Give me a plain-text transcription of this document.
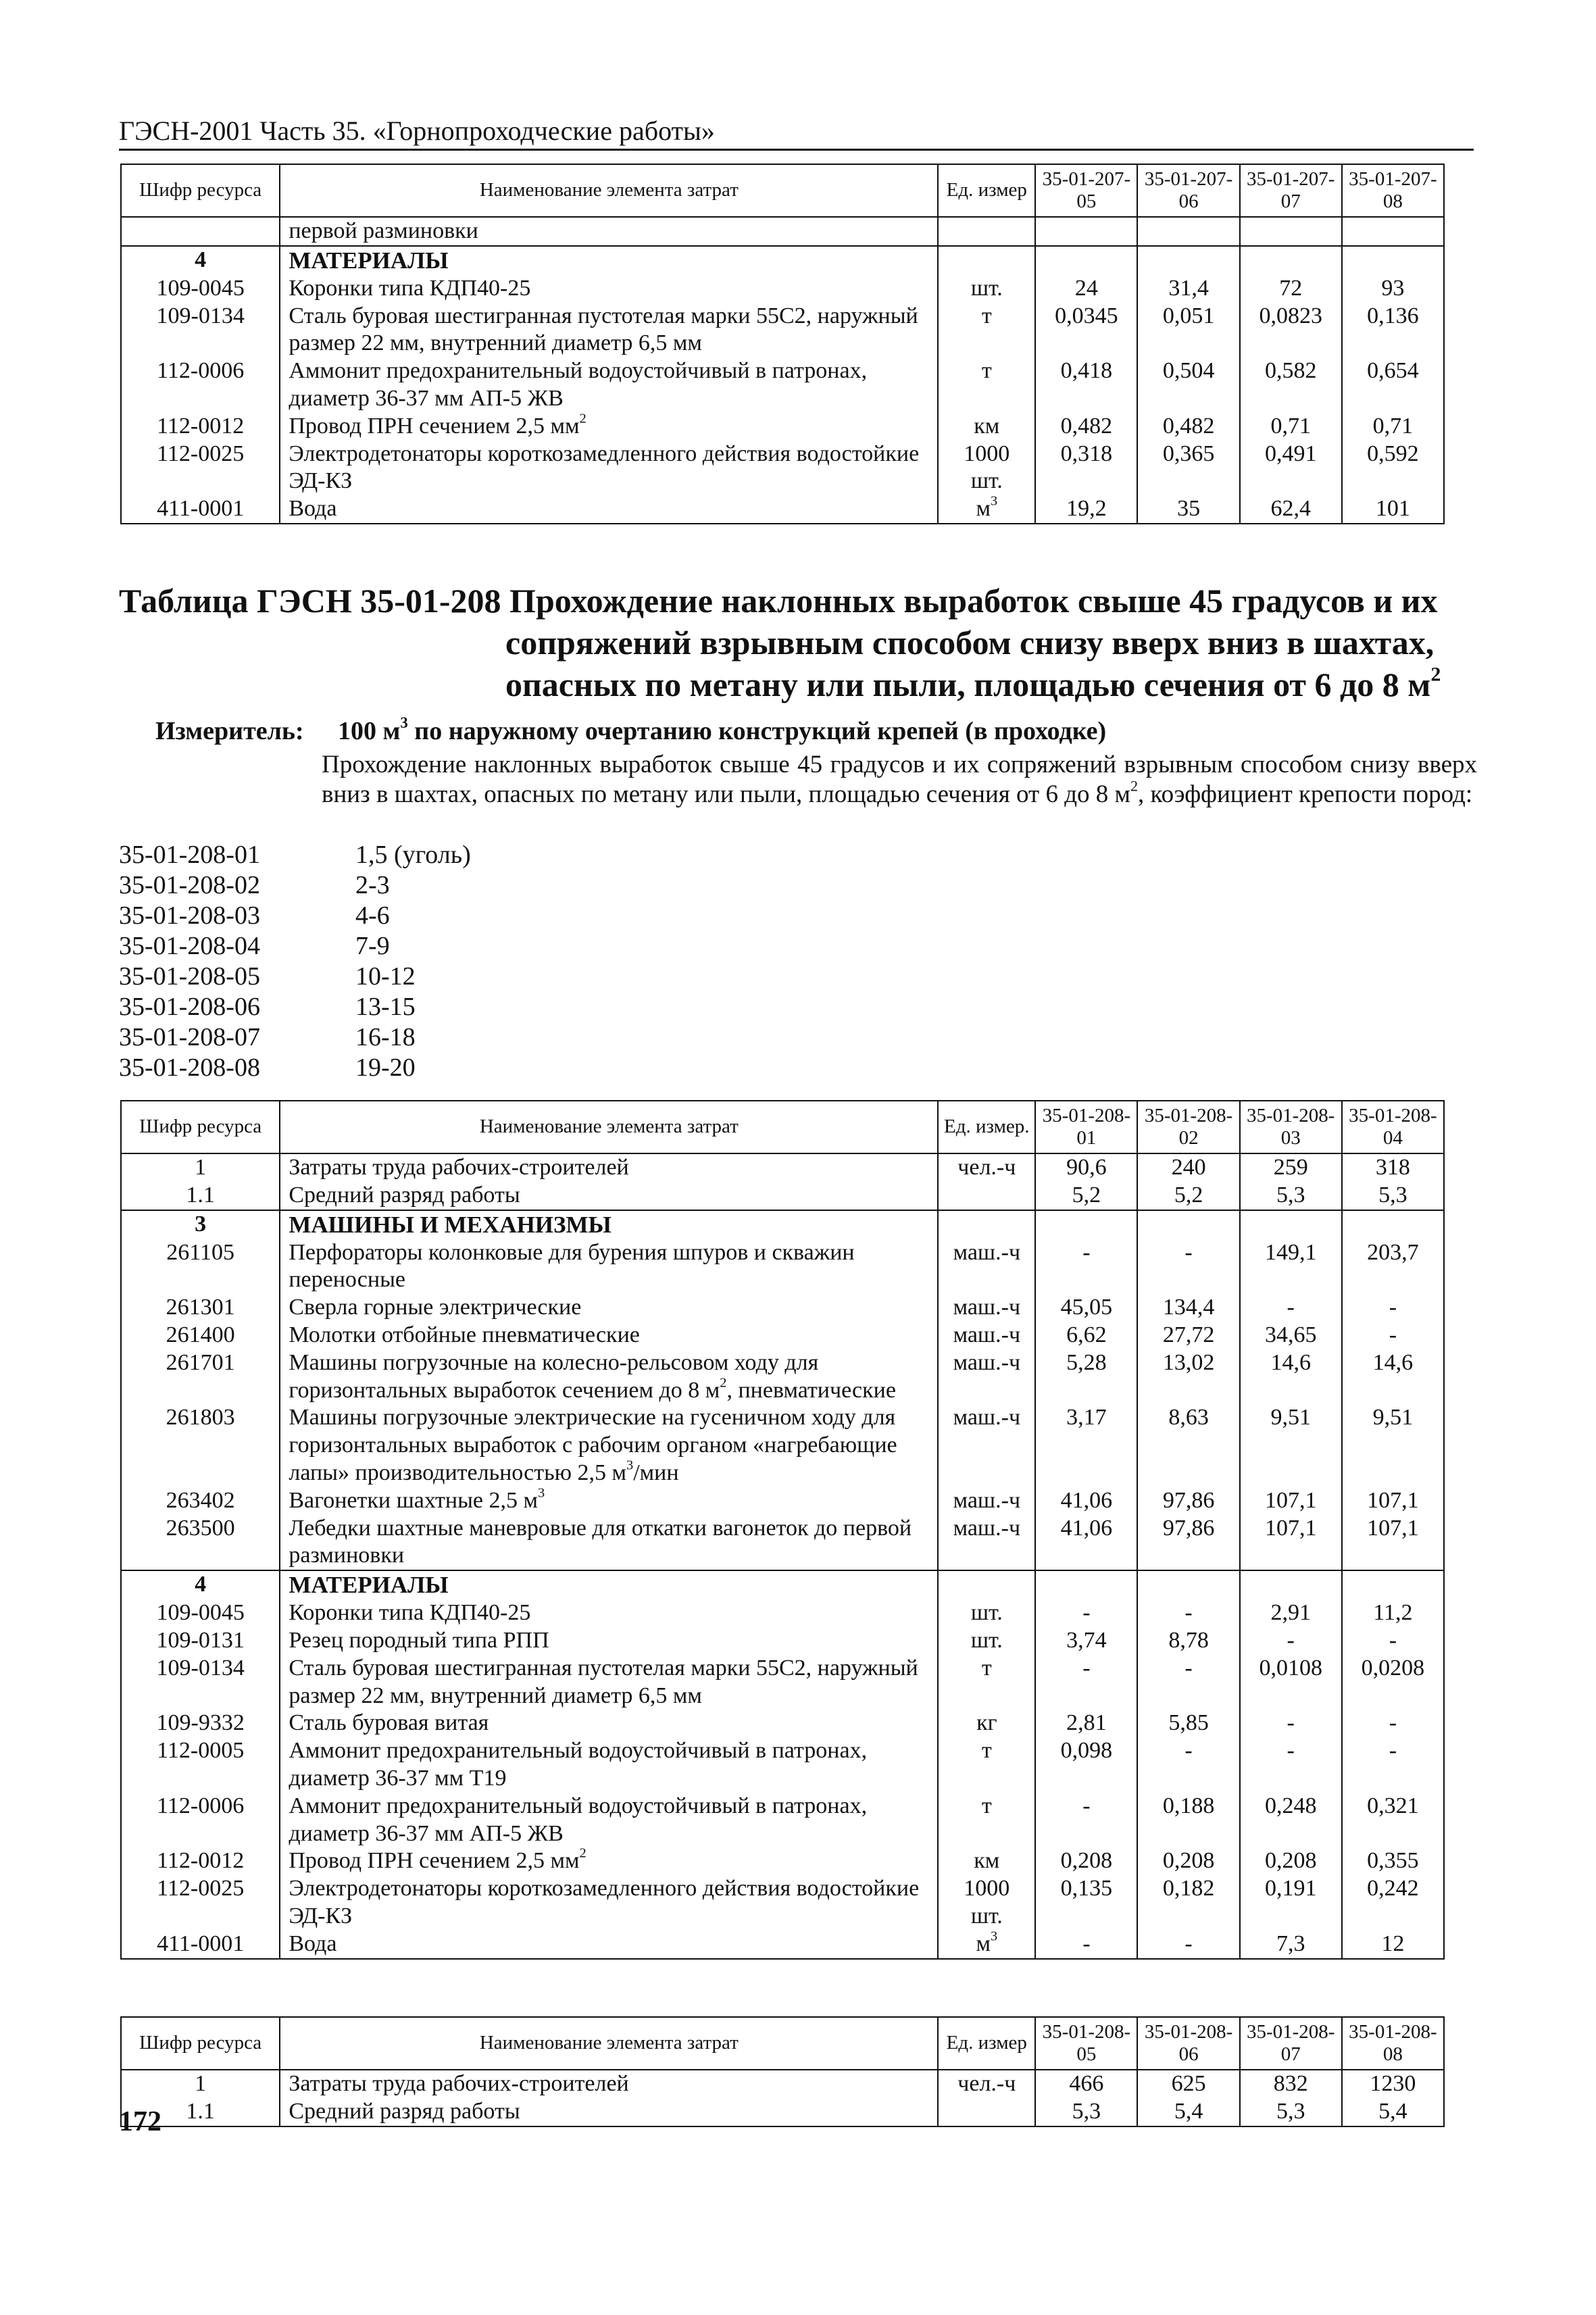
ГЭСН-2001 Часть 35. «Горнопроходческие работы»
Шифр ресурса	Наименование элемента затрат	Ед. измер	35-01-207-05	35-01-207-06	35-01-207-07	35-01-207-08
	первой разминовки					
4	МАТЕРИАЛЫ					
109-0045	Коронки типа КДП40-25	шт.	24	31,4	72	93
109-0134	Сталь буровая шестигранная пустотелая марки 55С2, наружный размер 22 мм, внутренний диаметр 6,5 мм	т	0,0345	0,051	0,0823	0,136
112-0006	Аммонит предохранительный водоустойчивый в патронах, диаметр 36-37 мм АП-5 ЖВ	т	0,418	0,504	0,582	0,654
112-0012	Провод ПРН сечением 2,5 $мм^2$	км	0,482	0,482	0,71	0,71
112-0025	Электродетонаторы короткозамедленного действия водостойкие ЭД-КЗ	1000 шт.	0,318	0,365	0,491	0,592
411-0001	Вода	$м^3$	19,2	35	62,4	101
Таблица ГЭСН 35-01-208 Прохождение наклонных выработок свыше 45 градусов и их
сопряжений взрывным способом снизу вверх вниз в шахтах,
опасных по метану или пыли, площадью сечения от 6 до 8 $м^2$
Измеритель: 100 $м^3$ по наружному очертанию конструкций крепей (в проходке)
Прохождение наклонных выработок свыше 45 градусов и их сопряжений взрывным способом снизу вверх вниз в шахтах, опасных по метану или пыли, площадью сечения от 6 до 8 $м^2$, коэффициент крепости пород:
35-01-208-01	1,5 (уголь)
35-01-208-02	2-3
35-01-208-03	4-6
35-01-208-04	7-9
35-01-208-05	10-12
35-01-208-06	13-15
35-01-208-07	16-18
35-01-208-08	19-20
Шифр ресурса	Наименование элемента затрат	Ед. измер.	35-01-208-01	35-01-208-02	35-01-208-03	35-01-208-04
1	Затраты труда рабочих-строителей	чел.-ч	90,6	240	259	318
1.1	Средний разряд работы		5,2	5,2	5,3	5,3
3	МАШИНЫ И МЕХАНИЗМЫ					
261105	Перфораторы колонковые для бурения шпуров и скважин переносные	маш.-ч	-	-	149,1	203,7
261301	Сверла горные электрические	маш.-ч	45,05	134,4	-	-
261400	Молотки отбойные пневматические	маш.-ч	6,62	27,72	34,65	-
261701	Машины погрузочные на колесно-рельсовом ходу для горизонтальных выработок сечением до 8 $м^2$, пневматические	маш.-ч	5,28	13,02	14,6	14,6
261803	Машины погрузочные электрические на гусеничном ходу для горизонтальных выработок с рабочим органом «нагребающие лапы» производительностью 2,5 $м^3$/мин	маш.-ч	3,17	8,63	9,51	9,51
263402	Вагонетки шахтные 2,5 $м^3$	маш.-ч	41,06	97,86	107,1	107,1
263500	Лебедки шахтные маневровые для откатки вагонеток до первой разминовки	маш.-ч	41,06	97,86	107,1	107,1
4	МАТЕРИАЛЫ					
109-0045	Коронки типа КДП40-25	шт.	-	-	2,91	11,2
109-0131	Резец породный типа РПП	шт.	3,74	8,78	-	-
109-0134	Сталь буровая шестигранная пустотелая марки 55С2, наружный размер 22 мм, внутренний диаметр 6,5 мм	т	-	-	0,0108	0,0208
109-9332	Сталь буровая витая	кг	2,81	5,85	-	-
112-0005	Аммонит предохранительный водоустойчивый в патронах, диаметр 36-37 мм Т19	т	0,098	-	-	-
112-0006	Аммонит предохранительный водоустойчивый в патронах, диаметр 36-37 мм АП-5 ЖВ	т	-	0,188	0,248	0,321
112-0012	Провод ПРН сечением 2,5 $мм^2$	км	0,208	0,208	0,208	0,355
112-0025	Электродетонаторы короткозамедленного действия водостойкие ЭД-КЗ	1000 шт.	0,135	0,182	0,191	0,242
411-0001	Вода	$м^3$	-	-	7,3	12
Шифр ресурса	Наименование элемента затрат	Ед. измер	35-01-208-05	35-01-208-06	35-01-208-07	35-01-208-08
1	Затраты труда рабочих-строителей	чел.-ч	466	625	832	1230
1.1	Средний разряд работы		5,3	5,4	5,3	5,4
172
